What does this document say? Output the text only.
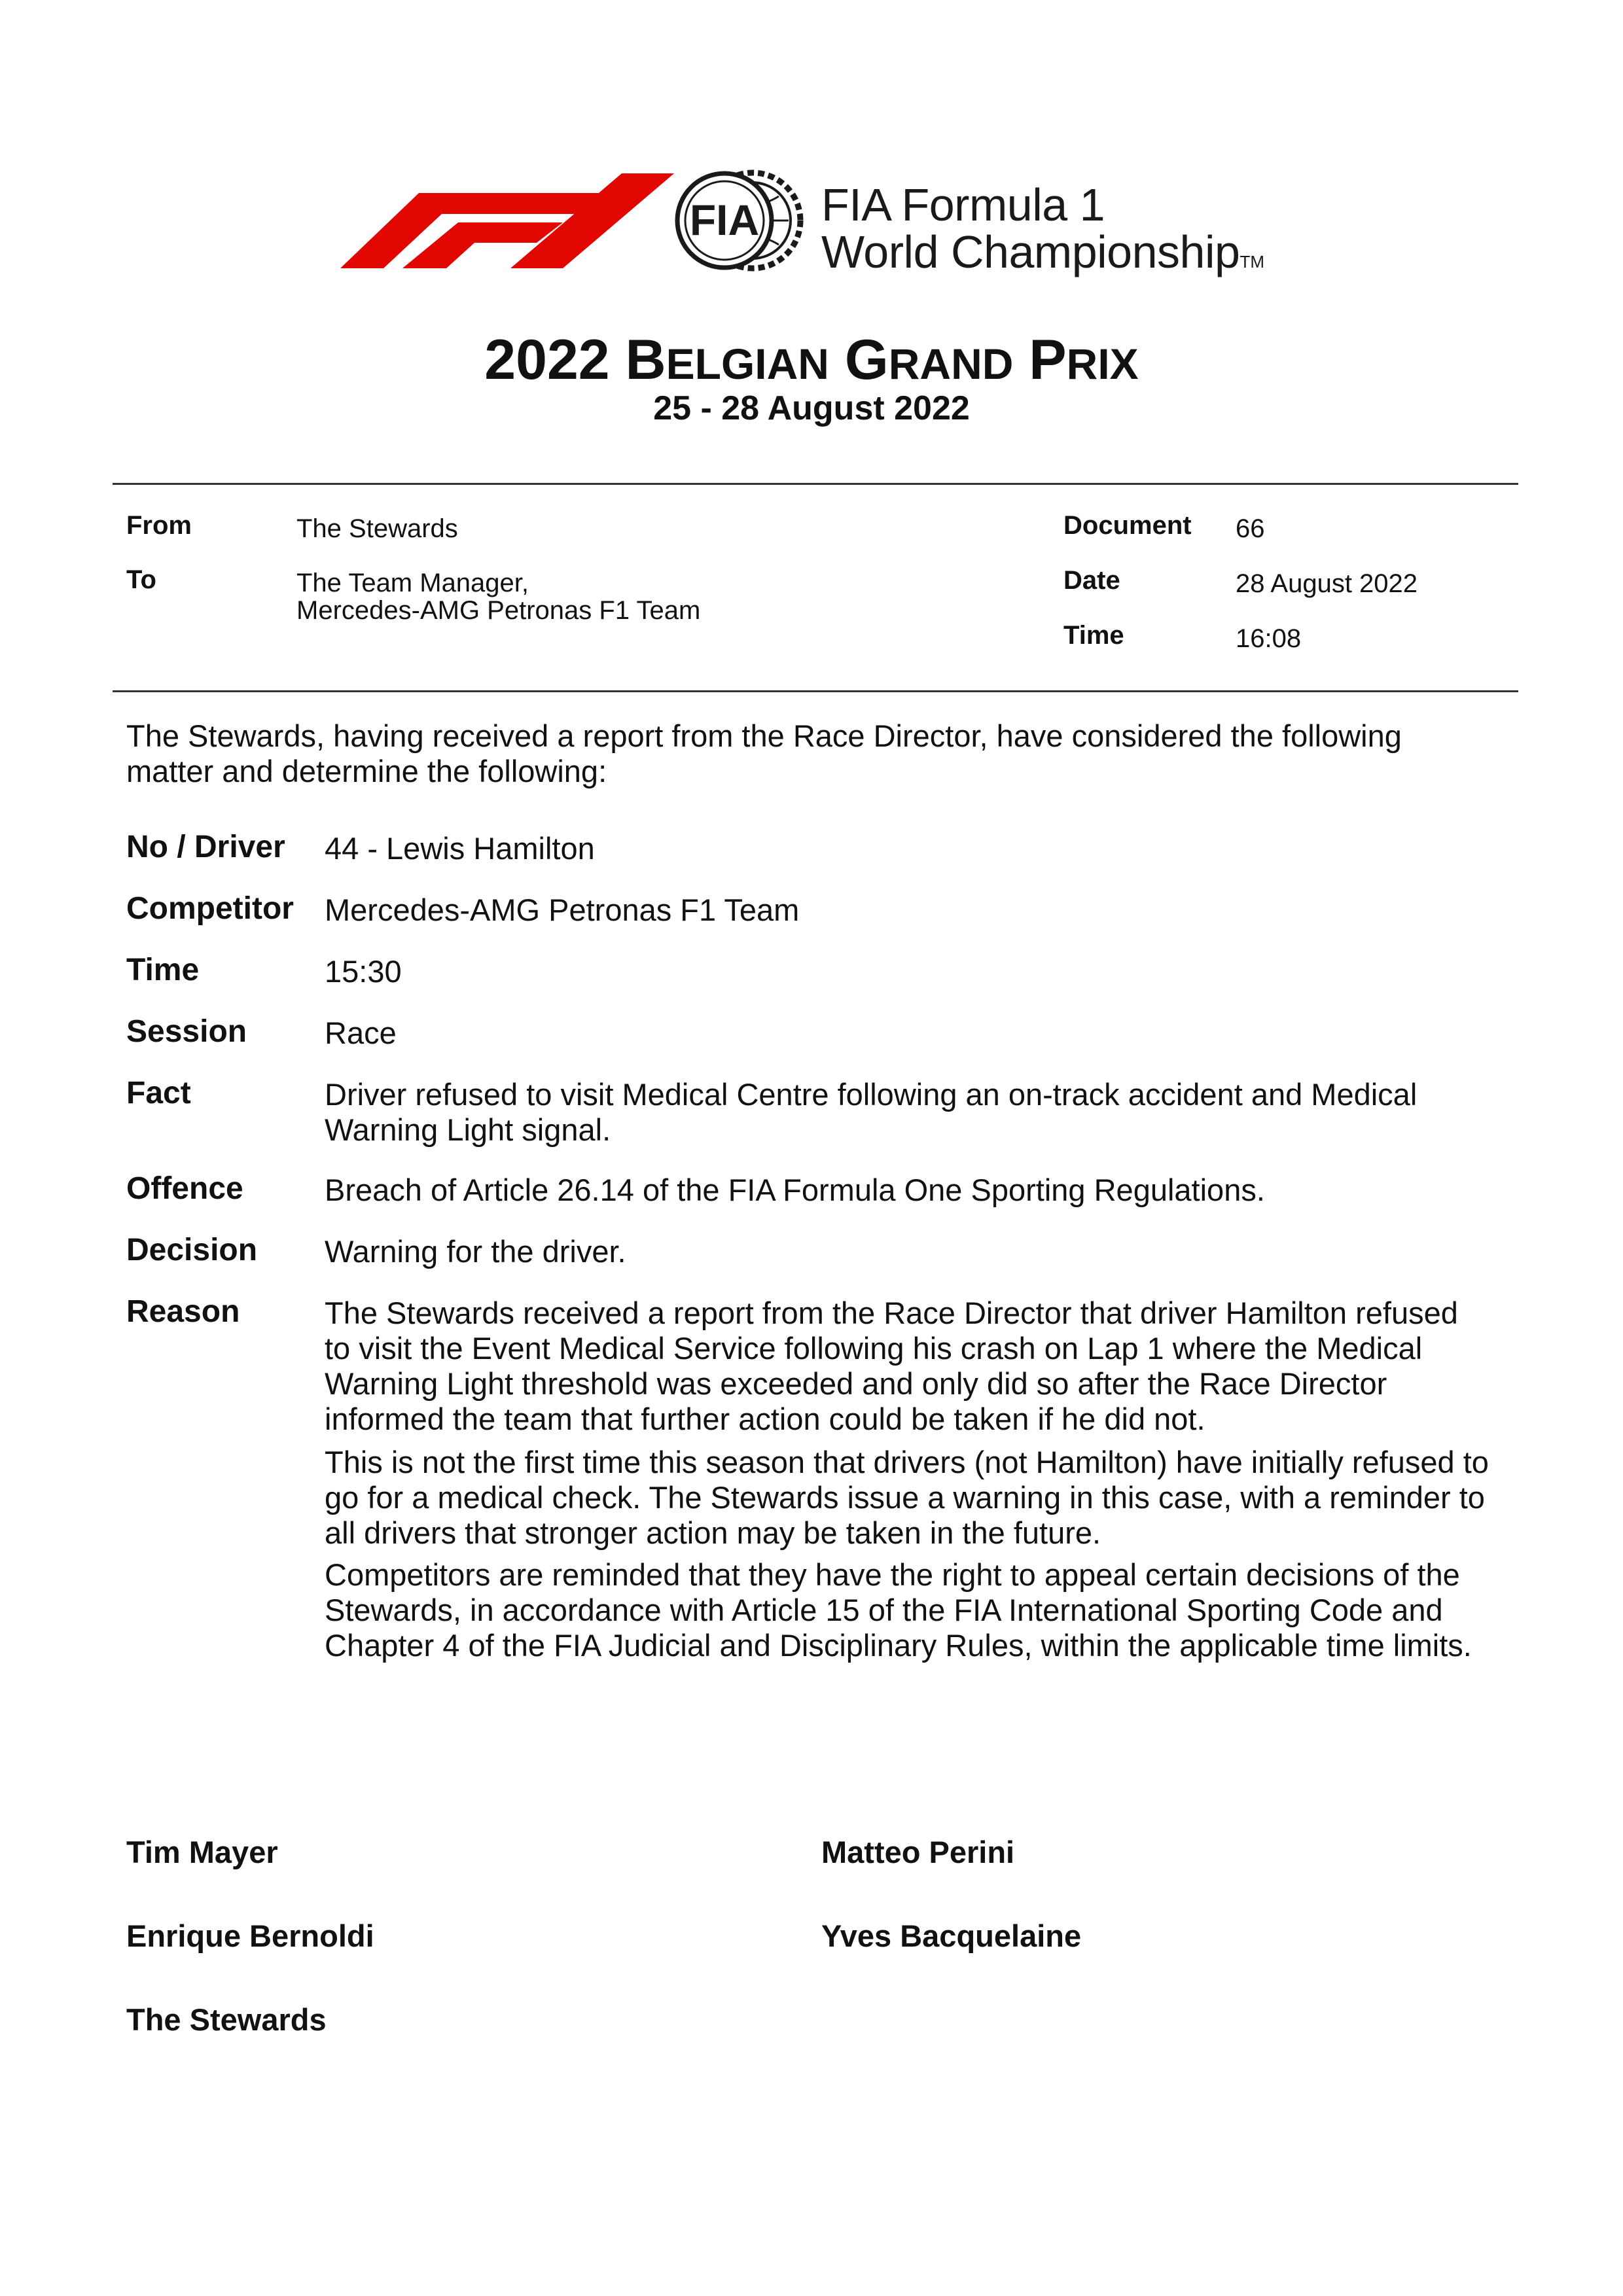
FIA FIA Formula 1
World ChampionshipTM
2022 BELGIAN GRAND PRIX
25 - 28 August 2022
From	The Stewards
To	The Team Manager,
Mercedes-AMG Petronas F1 Team
Document 66
Date	28 August 2022
Time	16:08
The Stewards, having received a report from the Race Director, have considered the following
matter and determine the following:
No / Driver 44 - Lewis Hamilton
Competitor Mercedes-AMG Petronas F1 Team
Time	15:30
Session	Race
Fact	Driver refused to visit Medical Centre following an on-track accident and Medical
Warning Light signal.
Offence	Breach of Article 26.14 of the FIA Formula One Sporting Regulations.
Decision Warning for the driver.
Reason	The Stewards received a report from the Race Director that driver Hamilton refused
to visit the Event Medical Service following his crash on Lap 1 where the Medical
Warning Light threshold was exceeded and only did so after the Race Director
informed the team that further action could be taken if he did not.
This is not the first time this season that drivers (not Hamilton) have initially refused to
go for a medical check. The Stewards issue a warning in this case, with a reminder to
all drivers that stronger action may be taken in the future.
Competitors are reminded that they have the right to appeal certain decisions of the
Stewards, in accordance with Article 15 of the FIA International Sporting Code and
Chapter 4 of the FIA Judicial and Disciplinary Rules, within the applicable time limits.
Tim Mayer	Matteo Perini
Enrique Bernoldi	Yves Bacquelaine
The Stewards
